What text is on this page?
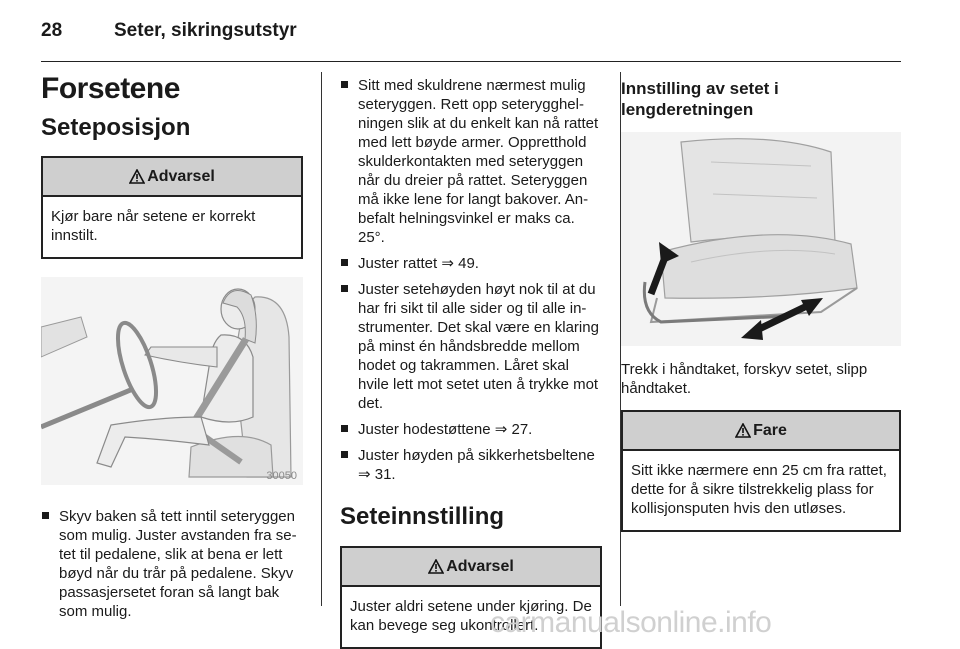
28	Seter, sikringsutstyr
Forsetene
Seteposisjon
Advarsel
Kjør bare når setene er korrekt innstilt.
30050
Skyv baken så tett inntil seteryggen som mulig. Juster avstanden fra setet til pedalene, slik at bena er lett bøyd når du trår på pedalene. Skyv passasjersetet foran så langt bak som mulig.
Sitt med skuldrene nærmest mulig seteryggen. Rett opp seterygghelningen slik at du enkelt kan nå rattet med lett bøyde armer. Oppretthold skulderkontakten med seteryggen når du dreier på rattet. Seteryggen må ikke lene for langt bakover. Anbefalt helningsvinkel er maks ca. 25°.
Juster rattet ⇒ 49.
Juster setehøyden høyt nok til at du har fri sikt til alle sider og til alle instrumenter. Det skal være en klaring på minst én håndsbredde mellom hodet og takrammen. Låret skal hvile lett mot setet uten å trykke mot det.
Juster hodestøttene ⇒ 27.
Juster høyden på sikkerhetsbeltene ⇒ 31.
Seteinnstilling
Advarsel
Juster aldri setene under kjøring. De kan bevege seg ukontrollert.
Innstilling av setet i lengderetningen

Trekk i håndtaket, forskyv setet, slipp håndtaket.

Fare
Sitt ikke nærmere enn 25 cm fra rattet, dette for å sikre tilstrekkelig plass for kollisjonsputen hvis den utløses.
carmanualsonline.info
